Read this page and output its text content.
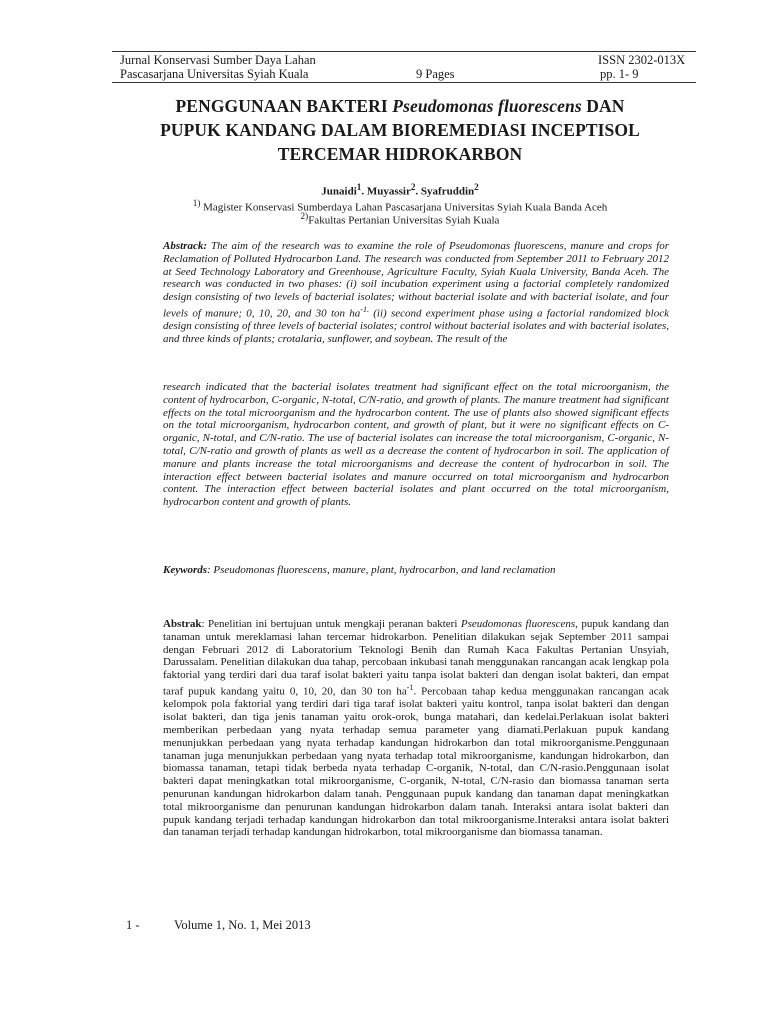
Jurnal Konservasi Sumber Daya Lahan
Pascasarjana Universitas Syiah Kuala	9 Pages
ISSN 2302-013X
pp. 1- 9
PENGGUNAAN BAKTERI Pseudomonas fluorescens DAN
PUPUK KANDANG DALAM BIOREMEDIASI INCEPTISOL
TERCEMAR HIDROKARBON
Junaidi$^1$. Muyassir$^2$. Syafruddin$^2$
$^{1)}$ Magister Konservasi Sumberdaya Lahan Pascasarjana Universitas Syiah Kuala Banda Aceh
$^{2)}$Fakultas Pertanian Universitas Syiah Kuala
Abstrack: The aim of the research was to examine the role of Pseudomonas fluorescens, manure and crops for Reclamation of Polluted Hydrocarbon Land. The research was conducted from September 2011 to February 2012 at Seed Technology Laboratory and Greenhouse, Agriculture Faculty, Syiah Kuala University, Banda Aceh. The research was conducted in two phases: (i) soil incubation experiment using a factorial completely randomized design consisting of two levels of bacterial isolates; without bacterial isolate and with bacterial isolate, and four levels of manure; 0, 10, 20, and 30 ton $ha^{-1.}$ (ii) second experiment phase using a factorial randomized block design consisting of three levels of bacterial isolates; control without bacterial isolates and with bacterial isolates, and three kinds of plants; crotalaria, sunflower, and soybean. The result of the
research indicated that the bacterial isolates treatment had significant effect on the total microorganism, the content of hydrocarbon, C-organic, N-total, C/N-ratio, and growth of plants. The manure treatment had significant effects on the total microorganism and the hydrocarbon content. The use of plants also showed significant effects on the total microorganism, hydrocarbon content, and growth of plant, but it were no significant effects on C-organic, N-total, and C/N-ratio. The use of bacterial isolates can increase the total microorganism, C-organic, N- total, C/N-ratio and growth of plants as well as a decrease the content of hydrocarbon in soil. The application of manure and plants increase the total microorganisms and decrease the content of hydrocarbon in soil. The interaction effect between bacterial isolates and manure occurred on total microorganism and hydrocarbon content. The interaction effect between bacterial isolates and plant occurred on the total microorganism, hydrocarbon content and growth of plants.
Keywords: Pseudomonas fluorescens, manure, plant, hydrocarbon, and land reclamation
Abstrak: Penelitian ini bertujuan untuk mengkaji peranan bakteri Pseudomonas fluorescens, pupuk kandang dan tanaman untuk mereklamasi lahan tercemar hidrokarbon. Penelitian dilakukan sejak September 2011 sampai dengan Februari 2012 di Laboratorium Teknologi Benih dan Rumah Kaca Fakultas Pertanian Unsyiah, Darussalam. Penelitian dilakukan dua tahap, percobaan inkubasi tanah menggunakan rancangan acak lengkap pola faktorial yang terdiri dari dua taraf isolat bakteri yaitu tanpa isolat bakteri dan dengan isolat bakteri, dan empat taraf pupuk kandang yaitu 0, 10, 20, dan 30 ton $ha^{-1}$. Percobaan tahap kedua menggunakan rancangan acak kelompok pola faktorial yang terdiri dari tiga taraf isolat bakteri yaitu kontrol, tanpa isolat bakteri dan dengan isolat bakteri, dan tiga jenis tanaman yaitu orok-orok, bunga matahari, dan kedelai.Perlakuan isolat bakteri memberikan perbedaan yang nyata terhadap semua parameter yang diamati.Perlakuan pupuk kandang menunjukkan perbedaan yang nyata terhadap kandungan hidrokarbon dan total mikroorganisme.Penggunaan tanaman juga menunjukkan perbedaan yang nyata terhadap total mikroorganisme, kandungan hidrokarbon, dan biomassa tanaman, tetapi tidak berbeda nyata terhadap C-organik, N-total, dan C/N-rasio.Penggunaan isolat bakteri dapat meningkatkan total mikroorganisme, C-organik, N-total, C/N-rasio dan biomassa tanaman serta penurunan kandungan hidrokarbon dalam tanah. Penggunaan pupuk kandang dan tanaman dapat meningkatkan total mikroorganisme dan penurunan kandungan hidrokarbon dalam tanah. Interaksi antara isolat bakteri dan pupuk kandang terjadi terhadap kandungan hidrokarbon dan total mikroorganisme.Interaksi antara isolat bakteri dan tanaman terjadi terhadap kandungan hidrokarbon, total mikroorganisme dan biomassa tanaman.
1 -	Volume 1, No. 1, Mei 2013
